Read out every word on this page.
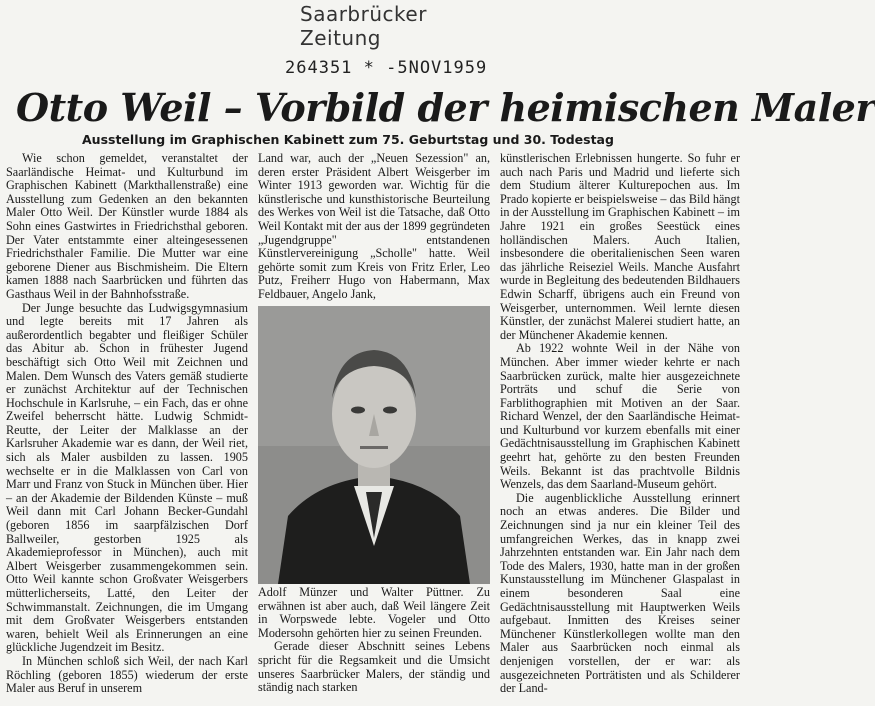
Saarbrücker Zeitung
264351 * -5NOV1959
Otto Weil – Vorbild der heimischen Maler
Ausstellung im Graphischen Kabinett zum 75. Geburtstag und 30. Todestag

Wie schon gemeldet, veranstaltet der Saarländische Heimat- und Kulturbund im Graphischen Kabinett (Markthallenstraße) eine Ausstellung zum Gedenken an den bekannten Maler Otto Weil. Der Künstler wurde 1884 als Sohn eines Gastwirtes in Friedrichsthal geboren. Der Vater entstammte einer alteingesessenen Friedrichsthaler Familie. Die Mutter war eine geborene Diener aus Bischmisheim. Die Eltern kamen 1888 nach Saarbrücken und führten das Gasthaus Weil in der Bahnhofsstraße.

Der Junge besuchte das Ludwigsgymnasium und legte bereits mit 17 Jahren als außerordentlich begabter und fleißiger Schüler das Abitur ab. Schon in frühester Jugend beschäftigt sich Otto Weil mit Zeichnen und Malen. Dem Wunsch des Vaters gemäß studierte er zunächst Architektur auf der Technischen Hochschule in Karlsruhe, – ein Fach, das er ohne Zweifel beherrscht hätte. Ludwig Schmidt-Reutte, der Leiter der Malklasse an der Karlsruher Akademie war es dann, der Weil riet, sich als Maler ausbilden zu lassen. 1905 wechselte er in die Malklassen von Carl von Marr und Franz von Stuck in München über. Hier – an der Akademie der Bildenden Künste – muß Weil dann mit Carl Johann Becker-Gundahl (geboren 1856 im saarpfälzischen Dorf Ballweiler, gestorben 1925 als Akademieprofessor in München), auch mit Albert Weisgerber zusammengekommen sein. Otto Weil kannte schon Großvater Weisgerbers mütterlicherseits, Latté, den Leiter der Schwimmanstalt. Zeichnungen, die im Umgang mit dem Großvater Weisgerbers entstanden waren, behielt Weil als Erinnerungen an eine glückliche Jugendzeit im Besitz.

In München schloß sich Weil, der nach Karl Röchling (geboren 1855) wiederum der erste Maler aus Beruf in unserem

Land war, auch der „Neuen Sezession" an, deren erster Präsident Albert Weisgerber im Winter 1913 geworden war. Wichtig für die künstlerische und kunsthistorische Beurteilung des Werkes von Weil ist die Tatsache, daß Otto Weil Kontakt mit der aus der 1899 gegründeten „Jugendgruppe" entstandenen Künstlervereinigung „Scholle" hatte. Weil gehörte somit zum Kreis von Fritz Erler, Leo Putz, Freiherr Hugo von Habermann, Max Feldbauer, Angelo Jank,

Adolf Münzer und Walter Püttner. Zu erwähnen ist aber auch, daß Weil längere Zeit in Worpswede lebte. Vogeler und Otto Modersohn gehörten hier zu seinen Freunden.

Gerade dieser Abschnitt seines Lebens spricht für die Regsamkeit und die Umsicht unseres Saarbrücker Malers, der ständig und ständig nach starken

künstlerischen Erlebnissen hungerte. So fuhr er auch nach Paris und Madrid und lieferte sich dem Studium älterer Kulturepochen aus. Im Prado kopierte er beispielsweise – das Bild hängt in der Ausstellung im Graphischen Kabinett – im Jahre 1921 ein großes Seestück eines holländischen Malers. Auch Italien, insbesondere die oberitalienischen Seen waren das jährliche Reiseziel Weils. Manche Ausfahrt wurde in Begleitung des bedeutenden Bildhauers Edwin Scharff, übrigens auch ein Freund von Weisgerber, unternommen. Weil lernte diesen Künstler, der zunächst Malerei studiert hatte, an der Münchener Akademie kennen.

Ab 1922 wohnte Weil in der Nähe von München. Aber immer wieder kehrte er nach Saarbrücken zurück, malte hier ausgezeichnete Porträts und schuf die Serie von Farblithographien mit Motiven an der Saar. Richard Wenzel, der den Saarländische Heimat- und Kulturbund vor kurzem ebenfalls mit einer Gedächtnisausstellung im Graphischen Kabinett geehrt hat, gehörte zu den besten Freunden Weils. Bekannt ist das prachtvolle Bildnis Wenzels, das dem Saarland-Museum gehört.

Die augenblickliche Ausstellung erinnert noch an etwas anderes. Die Bilder und Zeichnungen sind ja nur ein kleiner Teil des umfangreichen Werkes, das in knapp zwei Jahrzehnten entstanden war. Ein Jahr nach dem Tode des Malers, 1930, hatte man in der großen Kunstausstellung im Münchener Glaspalast in einem besonderen Saal eine Gedächtnisausstellung mit Hauptwerken Weils aufgebaut. Inmitten des Kreises seiner Münchener Künstlerkollegen wollte man den Maler aus Saarbrücken noch einmal als denjenigen vorstellen, der er war: als ausgezeichneten Porträtisten und als Schilderer der Land-
